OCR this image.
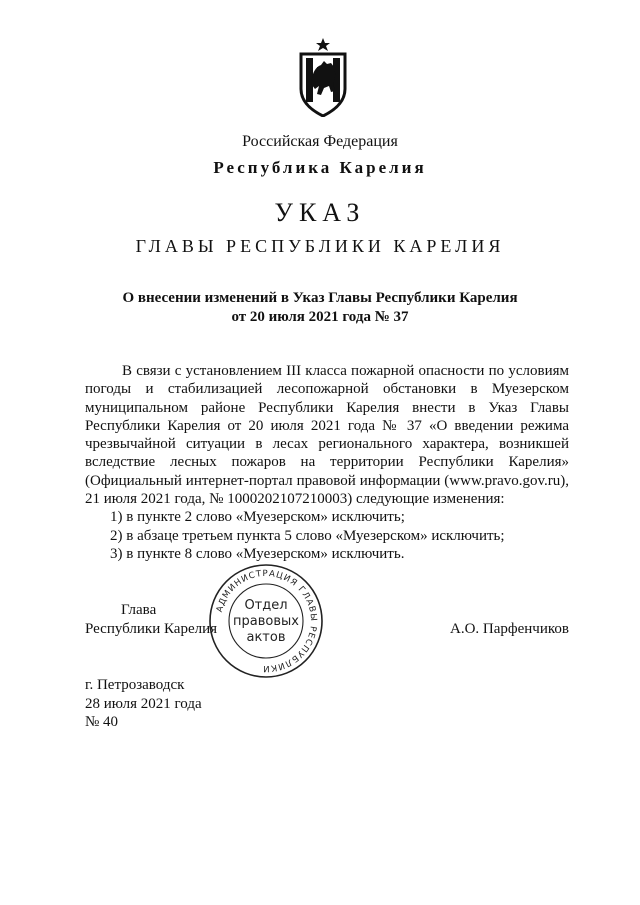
Российская Федерация
Республика Карелия
УКАЗ
ГЛАВЫ РЕСПУБЛИКИ КАРЕЛИЯ
О внесении изменений в Указ Главы Республики Карелия
от 20 июля 2021 года № 37

В связи с установлением III класса пожарной опасности по условиям погоды и стабилизацией лесопожарной обстановки в Муезерском муниципальном районе Республики Карелия внести в Указ Главы Республики Карелия от 20 июля 2021 года № 37 «О введении режима чрезвычайной ситуации в лесах регионального характера, возникшей вследствие лесных пожаров на территории Республики Карелия» (Официальный интернет-портал правовой информации (www.pravo.gov.ru), 21 июля 2021 года, № 1000202107210003) следующие изменения:

1) в пункте 2 слово «Муезерском» исключить;

2) в абзаце третьем пункта 5 слово «Муезерском» исключить;

3) в пункте 8 слово «Муезерском» исключить.

Глава
Республики Карелия	А.О. Парфенчиков
АДМИНИСТРАЦИЯ ГЛАВЫ РЕСПУБЛИКИ
Отдел
правовых
актов
г. Петрозаводск
28 июля 2021 года
№ 40
